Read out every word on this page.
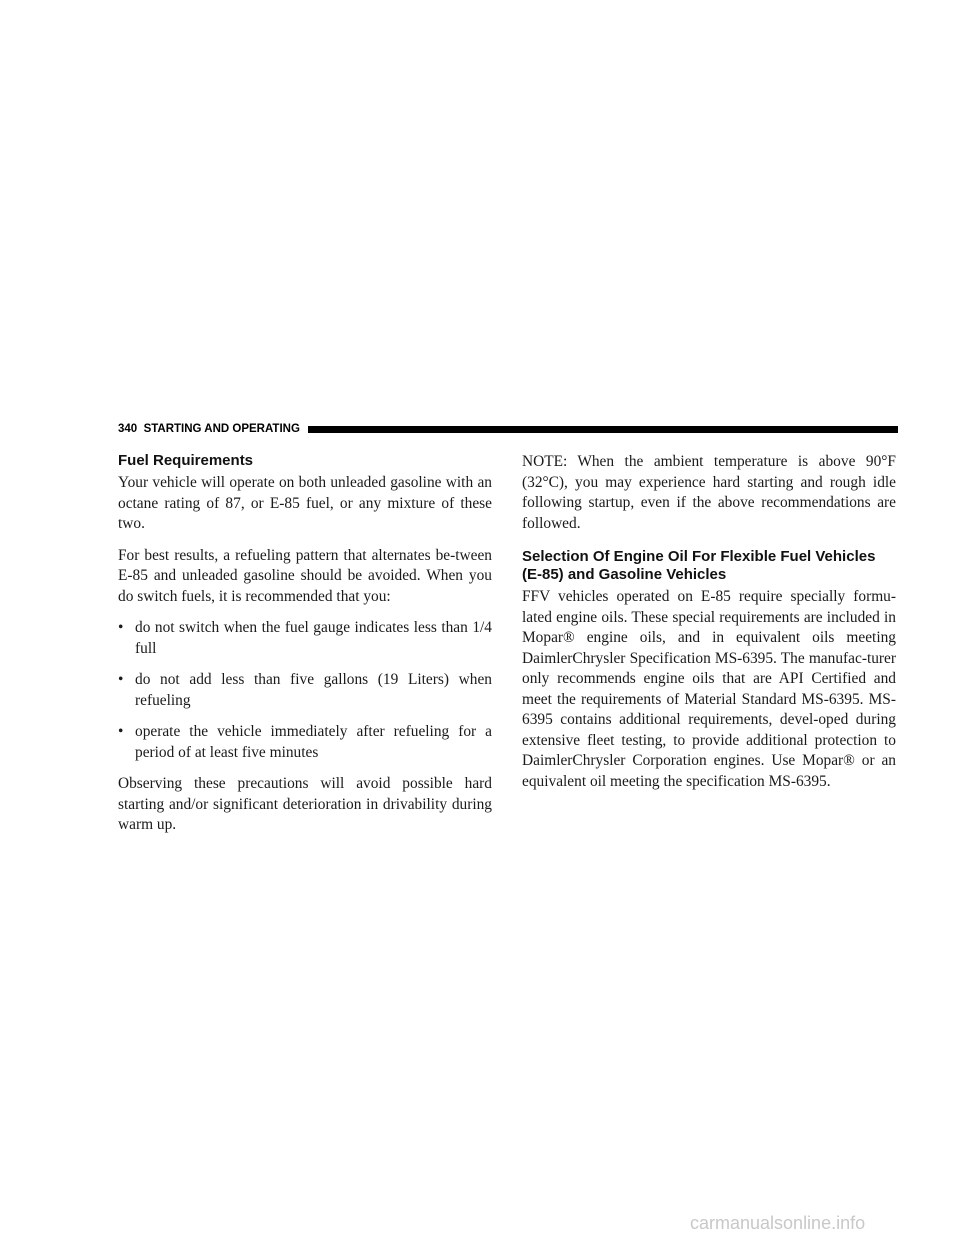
340 STARTING AND OPERATING
Fuel Requirements

Your vehicle will operate on both unleaded gasoline with an octane rating of 87, or E-85 fuel, or any mixture of these two.

For best results, a refueling pattern that alternates be-tween E-85 and unleaded gasoline should be avoided. When you do switch fuels, it is recommended that you:

• do not switch when the fuel gauge indicates less than 1/4 full
• do not add less than five gallons (19 Liters) when refueling
• operate the vehicle immediately after refueling for a period of at least five minutes

Observing these precautions will avoid possible hard starting and/or significant deterioration in drivability during warm up.

NOTE: When the ambient temperature is above 90°F (32°C), you may experience hard starting and rough idle following startup, even if the above recommendations are followed.

Selection Of Engine Oil For Flexible Fuel Vehicles (E-85) and Gasoline Vehicles

FFV vehicles operated on E-85 require specially formu-lated engine oils. These special requirements are included in Mopar® engine oils, and in equivalent oils meeting DaimlerChrysler Specification MS-6395. The manufac-turer only recommends engine oils that are API Certified and meet the requirements of Material Standard MS-6395. MS-6395 contains additional requirements, devel-oped during extensive fleet testing, to provide additional protection to DaimlerChrysler Corporation engines. Use Mopar® or an equivalent oil meeting the specification MS-6395.

carmanualsonline.info
